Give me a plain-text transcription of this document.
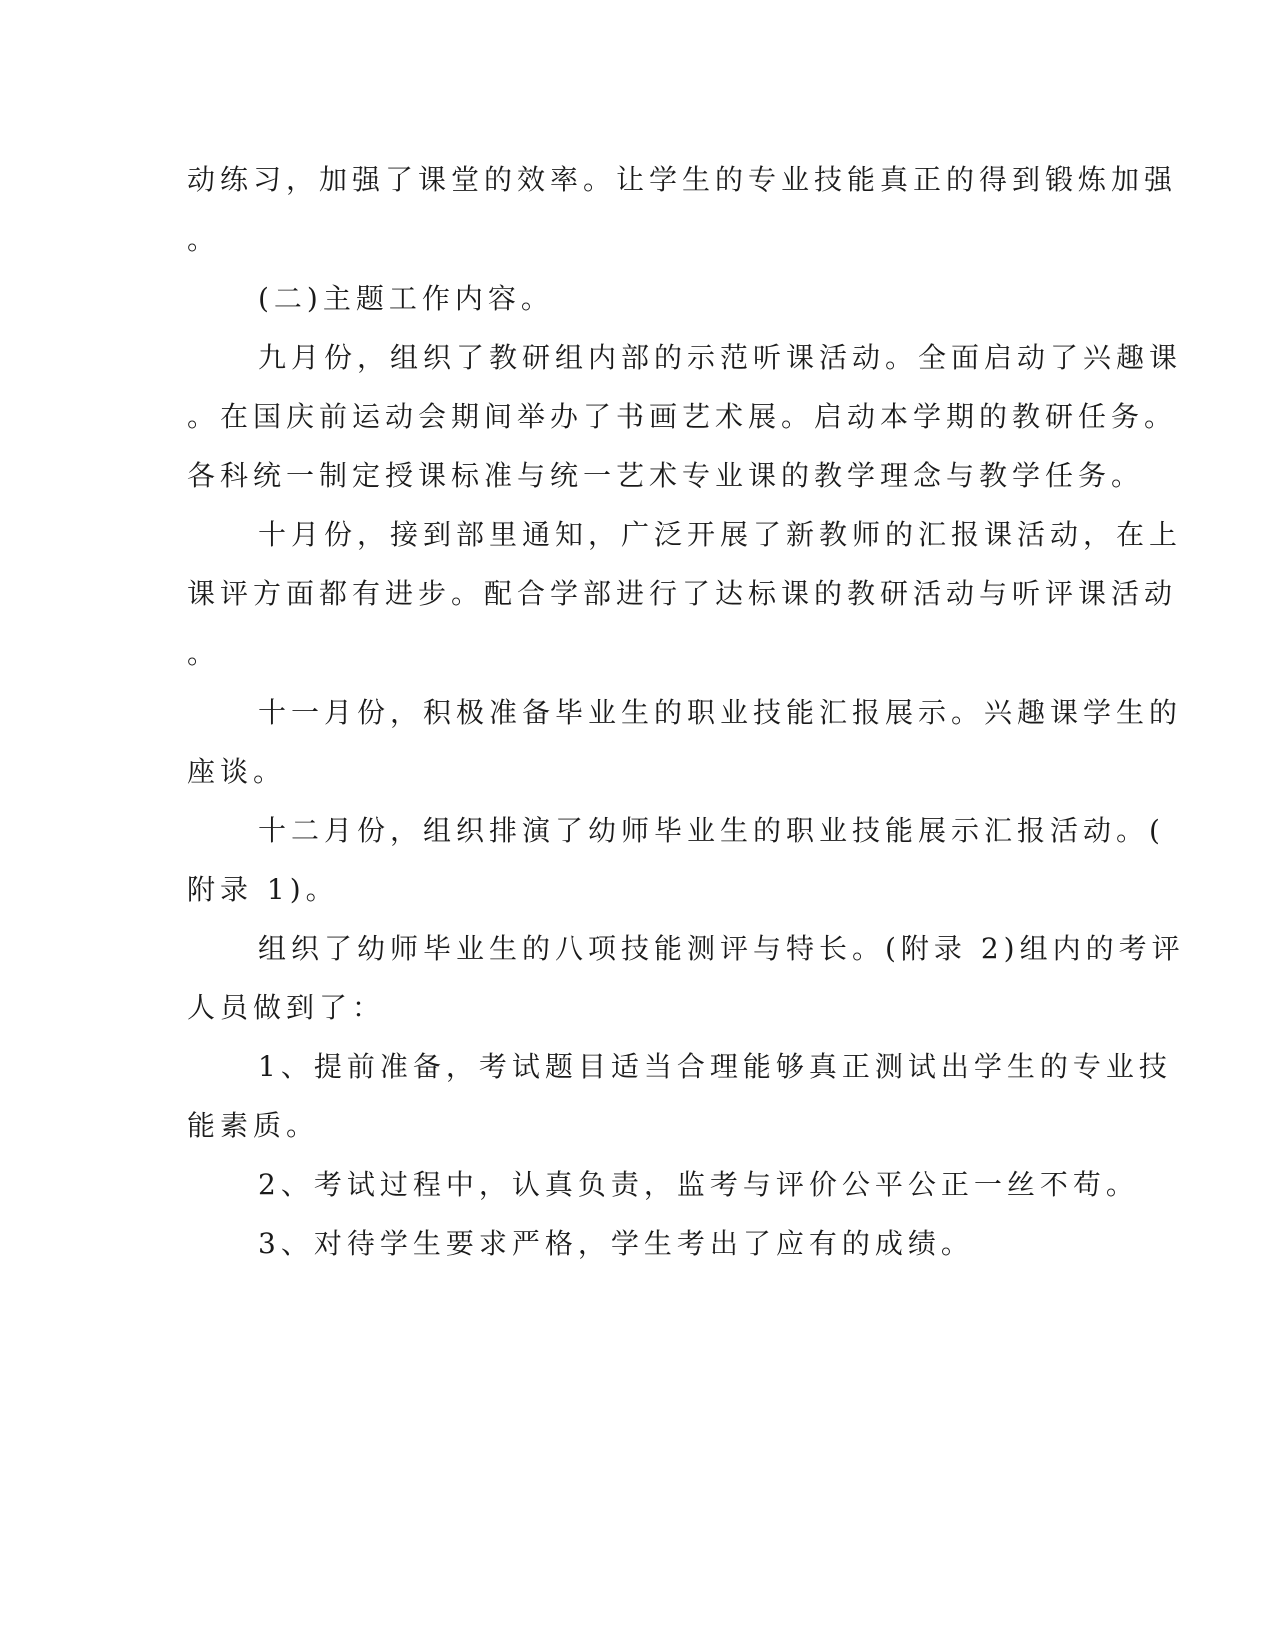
动练习，加强了课堂的效率。让学生的专业技能真正的得到锻炼加强
。
(二)主题工作内容。
九月份，组织了教研组内部的示范听课活动。全面启动了兴趣课
。在国庆前运动会期间举办了书画艺术展。启动本学期的教研任务。
各科统一制定授课标准与统一艺术专业课的教学理念与教学任务。
十月份，接到部里通知，广泛开展了新教师的汇报课活动，在上
课评方面都有进步。配合学部进行了达标课的教研活动与听评课活动
。
十一月份，积极准备毕业生的职业技能汇报展示。兴趣课学生的
座谈。
十二月份，组织排演了幼师毕业生的职业技能展示汇报活动。(
附录 1)。
组织了幼师毕业生的八项技能测评与特长。(附录 2)组内的考评
人员做到了：
1、提前准备，考试题目适当合理能够真正测试出学生的专业技
能素质。
2、考试过程中，认真负责，监考与评价公平公正一丝不苟。
3、对待学生要求严格，学生考出了应有的成绩。
